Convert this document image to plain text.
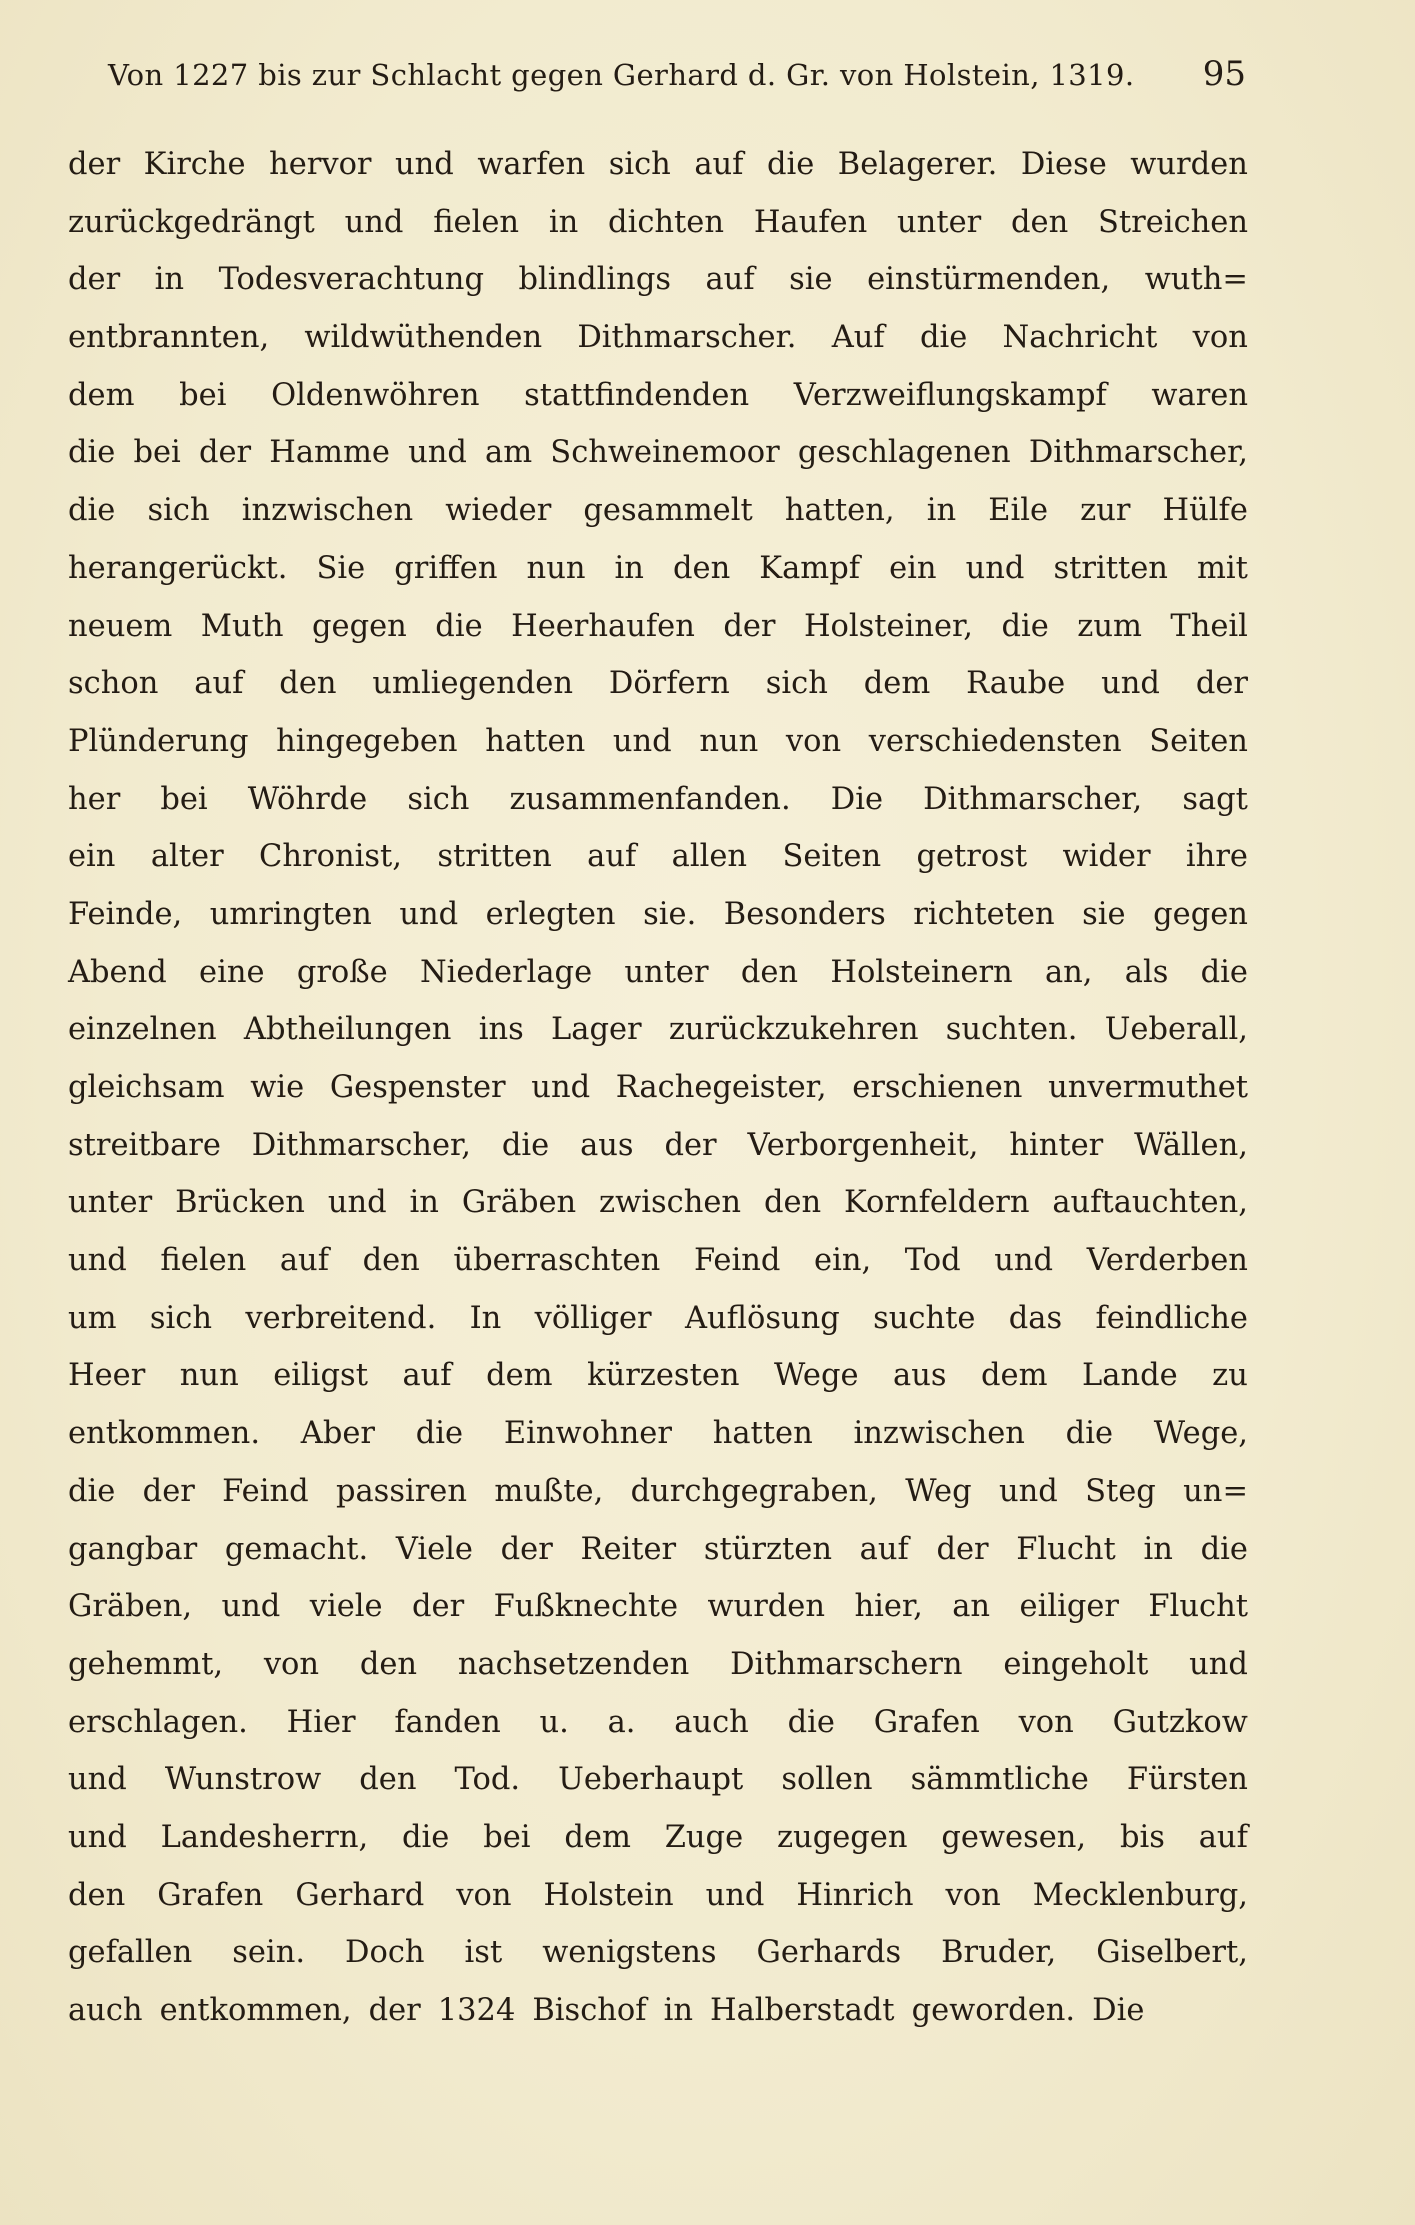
Von 1227 bis zur Schlacht gegen Gerhard d. Gr. von Holstein, 1319. 95
der Kirche hervor und warfen sich auf die Belagerer. Diese wurden
zurückgedrängt und fielen in dichten Haufen unter den Streichen
der in Todesverachtung blindlings auf sie einstürmenden, wuth=
entbrannten, wildwüthenden Dithmarscher. Auf die Nachricht von
dem bei Oldenwöhren stattfindenden Verzweiflungskampf waren
die bei der Hamme und am Schweinemoor geschlagenen Dithmarscher,
die sich inzwischen wieder gesammelt hatten, in Eile zur Hülfe
herangerückt. Sie griffen nun in den Kampf ein und stritten mit
neuem Muth gegen die Heerhaufen der Holsteiner, die zum Theil
schon auf den umliegenden Dörfern sich dem Raube und der
Plünderung hingegeben hatten und nun von verschiedensten Seiten
her bei Wöhrde sich zusammenfanden. Die Dithmarscher, sagt
ein alter Chronist, stritten auf allen Seiten getrost wider ihre
Feinde, umringten und erlegten sie. Besonders richteten sie gegen
Abend eine große Niederlage unter den Holsteinern an, als die
einzelnen Abtheilungen ins Lager zurückzukehren suchten. Ueberall,
gleichsam wie Gespenster und Rachegeister, erschienen unvermuthet
streitbare Dithmarscher, die aus der Verborgenheit, hinter Wällen,
unter Brücken und in Gräben zwischen den Kornfeldern auftauchten,
und fielen auf den überraschten Feind ein, Tod und Verderben
um sich verbreitend. In völliger Auflösung suchte das feindliche
Heer nun eiligst auf dem kürzesten Wege aus dem Lande zu
entkommen. Aber die Einwohner hatten inzwischen die Wege,
die der Feind passiren mußte, durchgegraben, Weg und Steg un=
gangbar gemacht. Viele der Reiter stürzten auf der Flucht in die
Gräben, und viele der Fußknechte wurden hier, an eiliger Flucht
gehemmt, von den nachsetzenden Dithmarschern eingeholt und
erschlagen. Hier fanden u. a. auch die Grafen von Gutzkow
und Wunstrow den Tod. Ueberhaupt sollen sämmtliche Fürsten
und Landesherrn, die bei dem Zuge zugegen gewesen, bis auf
den Grafen Gerhard von Holstein und Hinrich von Mecklenburg,
gefallen sein. Doch ist wenigstens Gerhards Bruder, Giselbert,
auch entkommen, der 1324 Bischof in Halberstadt geworden. Die
